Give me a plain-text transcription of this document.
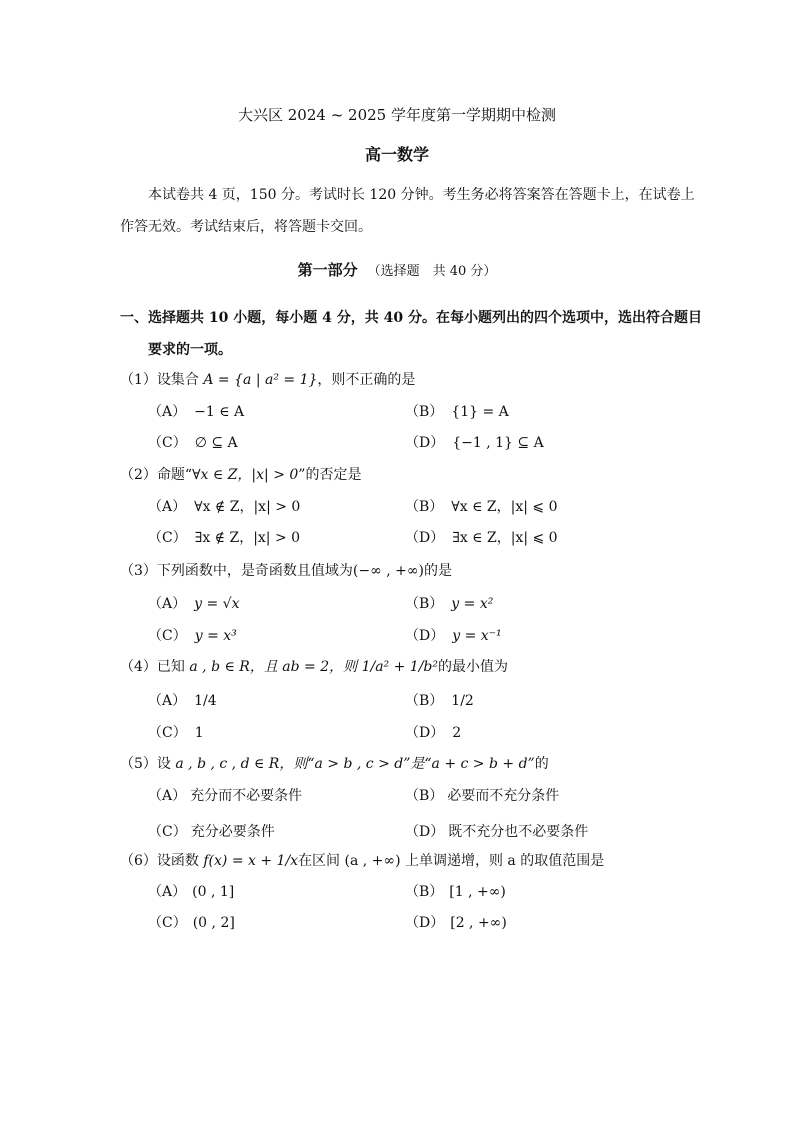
大兴区 2024 ~ 2025 学年度第一学期期中检测
高一数学
本试卷共 4 页，150 分。考试时长 120 分钟。考生务必将答案答在答题卡上，在试卷上
作答无效。考试结束后，将答题卡交回。
第一部分 （选择题　共 40 分）
一、选择题共 10 小题，每小题 4 分，共 40 分。在每小题列出的四个选项中，选出符合题目
要求的一项。
（1）设集合 A = {a | a² = 1}，则不正确的是
（A） −1 ∈ A	（B） {1} = A
（C） ∅ ⊆ A	（D） {−1 , 1} ⊆ A
（2）命题“∀x ∈ Z，|x| > 0”的否定是
（A） ∀x ∉ Z，|x| > 0	（B） ∀x ∈ Z，|x| ⩽ 0
（C） ∃x ∉ Z，|x| > 0	（D） ∃x ∈ Z，|x| ⩽ 0
（3）下列函数中，是奇函数且值域为(−∞ , +∞)的是
（A） y = √x	（B） y = x²
（C） y = x³	（D） y = x⁻¹
（4）已知 a , b ∈ R，且 ab = 2，则 1/a² + 1/b²的最小值为
（A） 1/4	（B） 1/2
（C） 1	（D） 2
（5）设 a , b , c , d ∈ R，则“a > b , c > d”是“a + c > b + d”的
（A） 充分而不必要条件	（B） 必要而不充分条件
（C） 充分必要条件	（D） 既不充分也不必要条件
（6）设函数 f(x) = x + 1/x在区间 (a , +∞) 上单调递增，则 a 的取值范围是
（A） (0 , 1]	（B） [1 , +∞)
（C） (0 , 2]	（D） [2 , +∞)
